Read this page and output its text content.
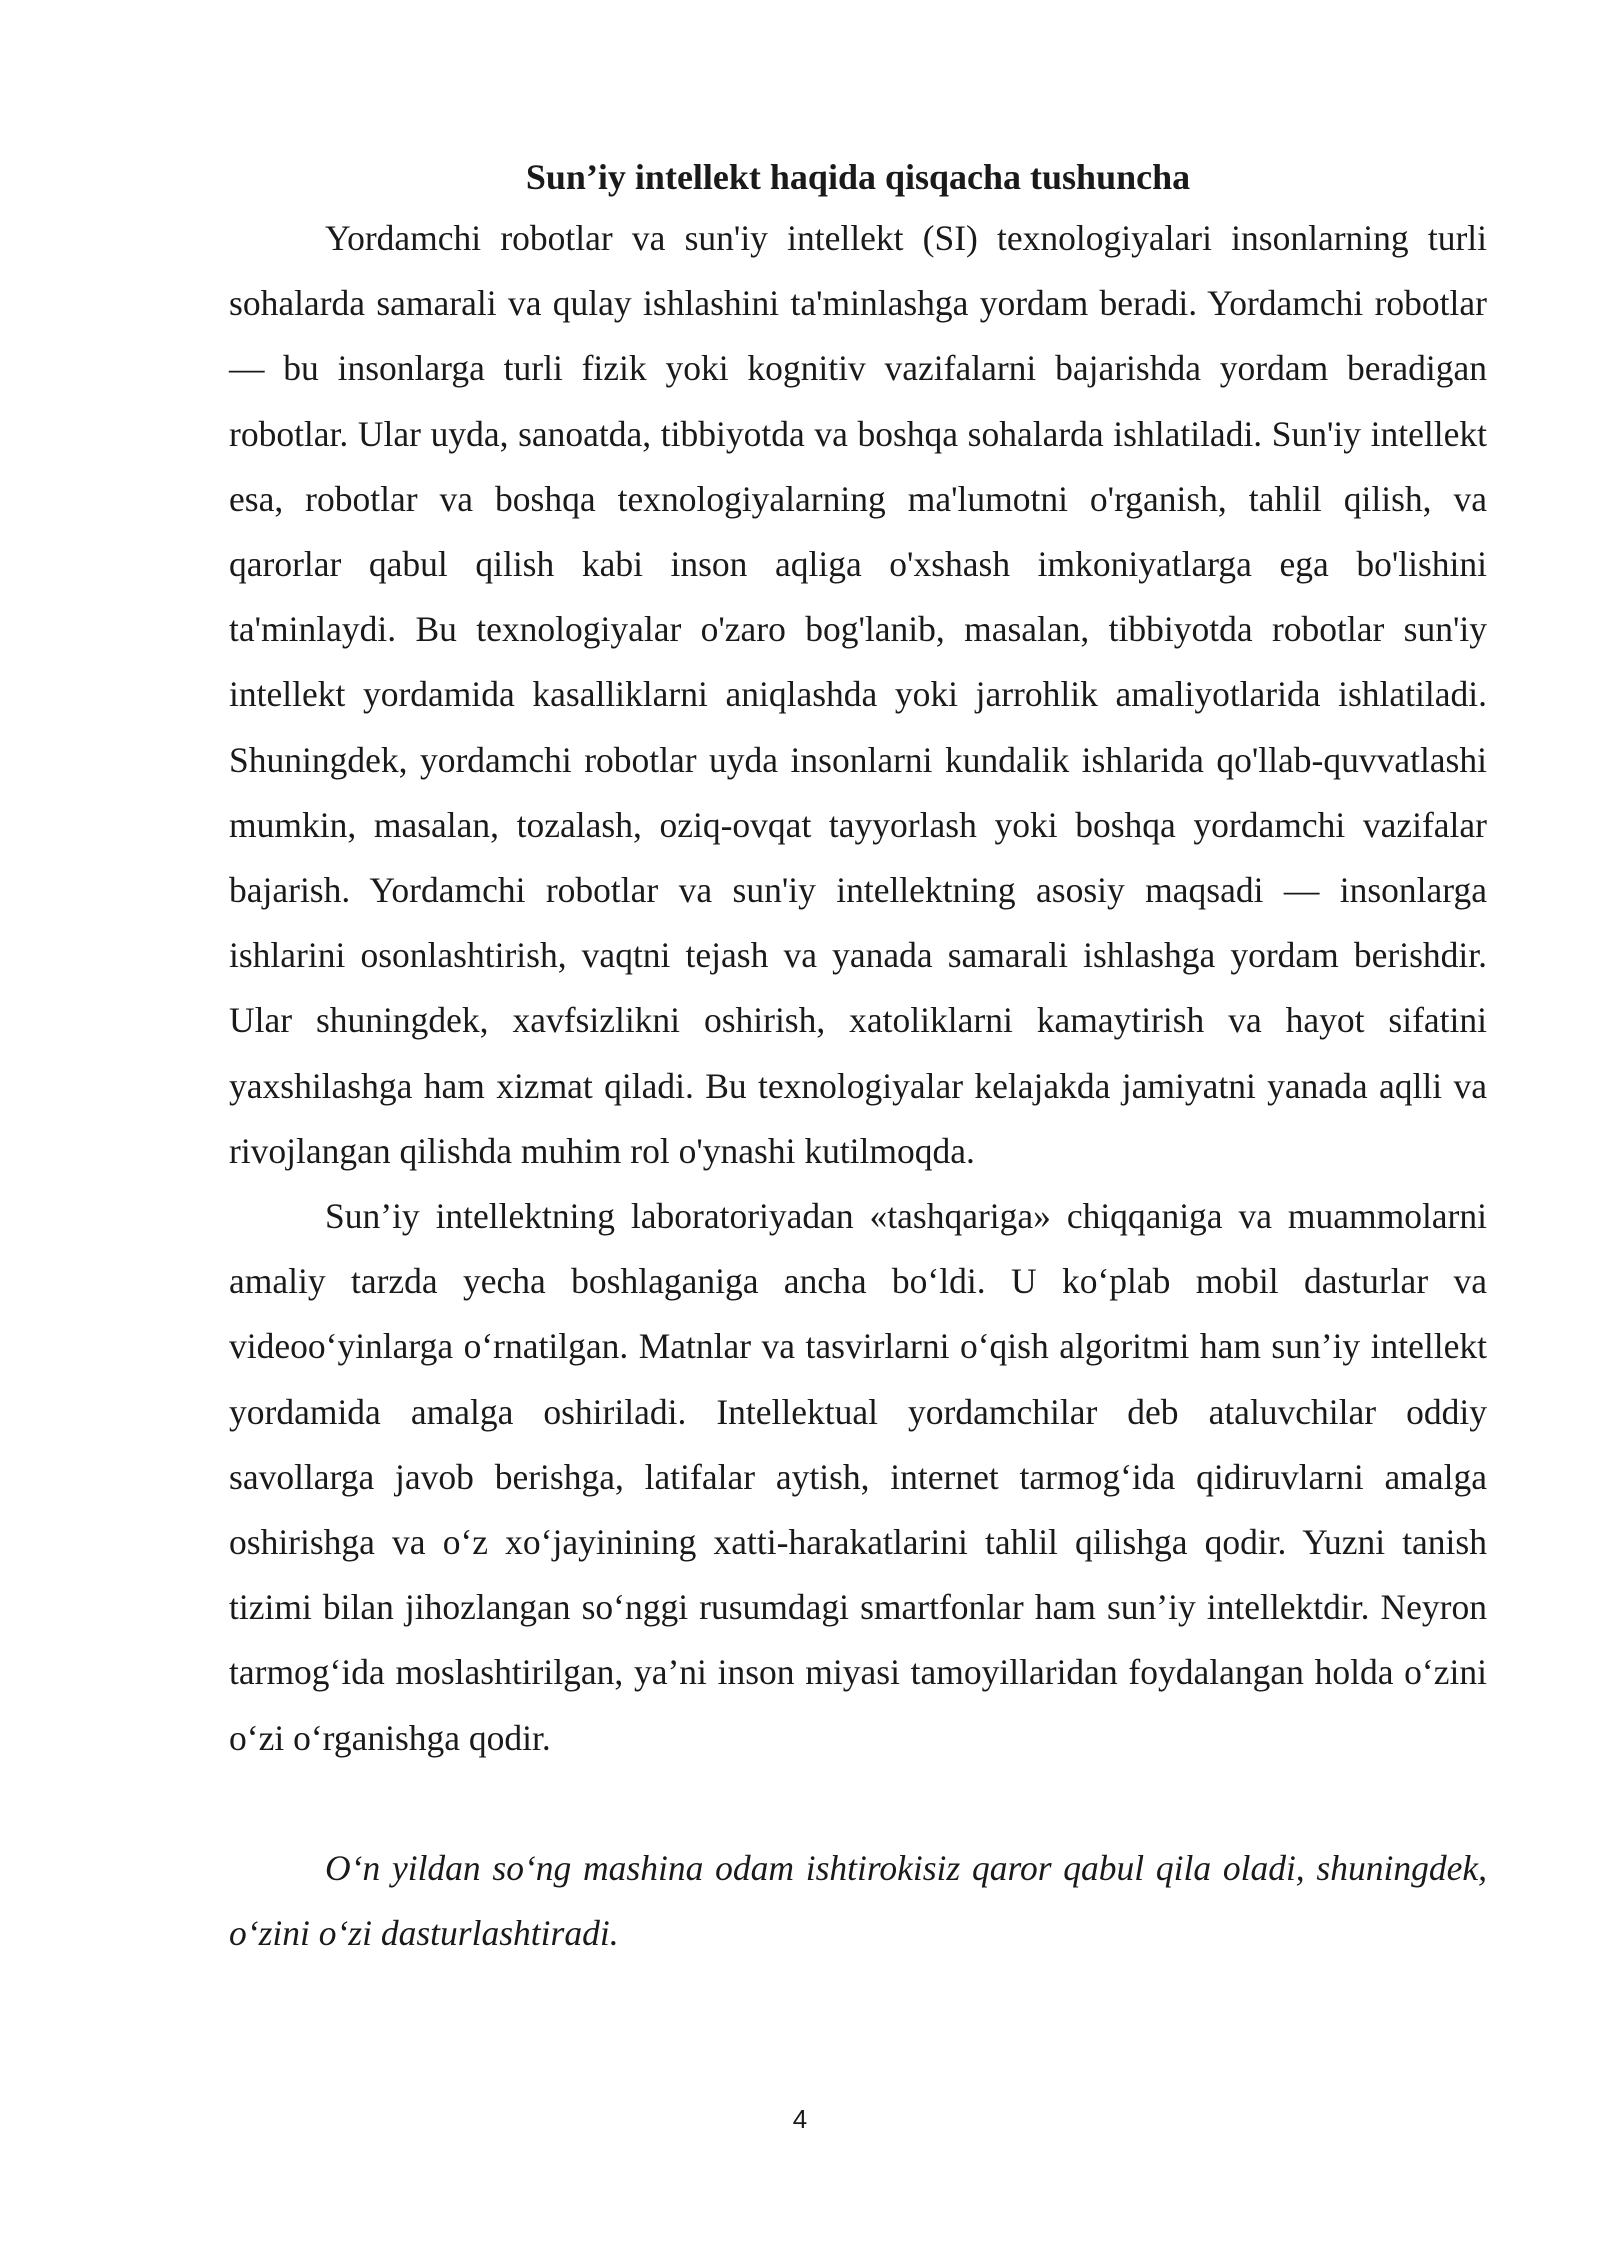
Sun’iy intellekt haqida qisqacha tushuncha

Yordamchi robotlar va sun'iy intellekt (SI) texnologiyalari insonlarning turli sohalarda samarali va qulay ishlashini ta'minlashga yordam beradi. Yordamchi robotlar — bu insonlarga turli fizik yoki kognitiv vazifalarni bajarishda yordam beradigan robotlar. Ular uyda, sanoatda, tibbiyotda va boshqa sohalarda ishlatiladi. Sun'iy intellekt esa, robotlar va boshqa texnologiyalarning ma'lumotni o'rganish, tahlil qilish, va qarorlar qabul qilish kabi inson aqliga o'xshash imkoniyatlarga ega bo'lishini ta'minlaydi. Bu texnologiyalar o'zaro bog'lanib, masalan, tibbiyotda robotlar sun'iy intellekt yordamida kasalliklarni aniqlashda yoki jarrohlik amaliyotlarida ishlatiladi. Shuningdek, yordamchi robotlar uyda insonlarni kundalik ishlarida qo'llab-quvvatlashi mumkin, masalan, tozalash, oziq-ovqat tayyorlash yoki boshqa yordamchi vazifalar bajarish. Yordamchi robotlar va sun'iy intellektning asosiy maqsadi — insonlarga ishlarini osonlashtirish, vaqtni tejash va yanada samarali ishlashga yordam berishdir. Ular shuningdek, xavfsizlikni oshirish, xatoliklarni kamaytirish va hayot sifatini yaxshilashga ham xizmat qiladi. Bu texnologiyalar kelajakda jamiyatni yanada aqlli va rivojlangan qilishda muhim rol o'ynashi kutilmoqda.

Sun’iy intellektning laboratoriyadan «tashqariga» chiqqaniga va muammolarni amaliy tarzda yecha boshlaganiga ancha bo‘ldi. U ko‘plab mobil dasturlar va videoo‘yinlarga o‘rnatilgan. Matnlar va tasvirlarni o‘qish algoritmi ham sun’iy intellekt yordamida amalga oshiriladi. Intellektual yordamchilar deb ataluvchilar oddiy savollarga javob berishga, latifalar aytish, internet tarmog‘ida qidiruvlarni amalga oshirishga va o‘z xo‘jayinining xatti-harakatlarini tahlil qilishga qodir. Yuzni tanish tizimi bilan jihozlangan so‘nggi rusumdagi smartfonlar ham sun’iy intellektdir. Neyron tarmog‘ida moslashtirilgan, ya’ni inson miyasi tamoyillaridan foydalangan holda o‘zini o‘zi o‘rganishga qodir.

O‘n yildan so‘ng mashina odam ishtirokisiz qaror qabul qila oladi, shuningdek, o‘zini o‘zi dasturlashtiradi.

4
